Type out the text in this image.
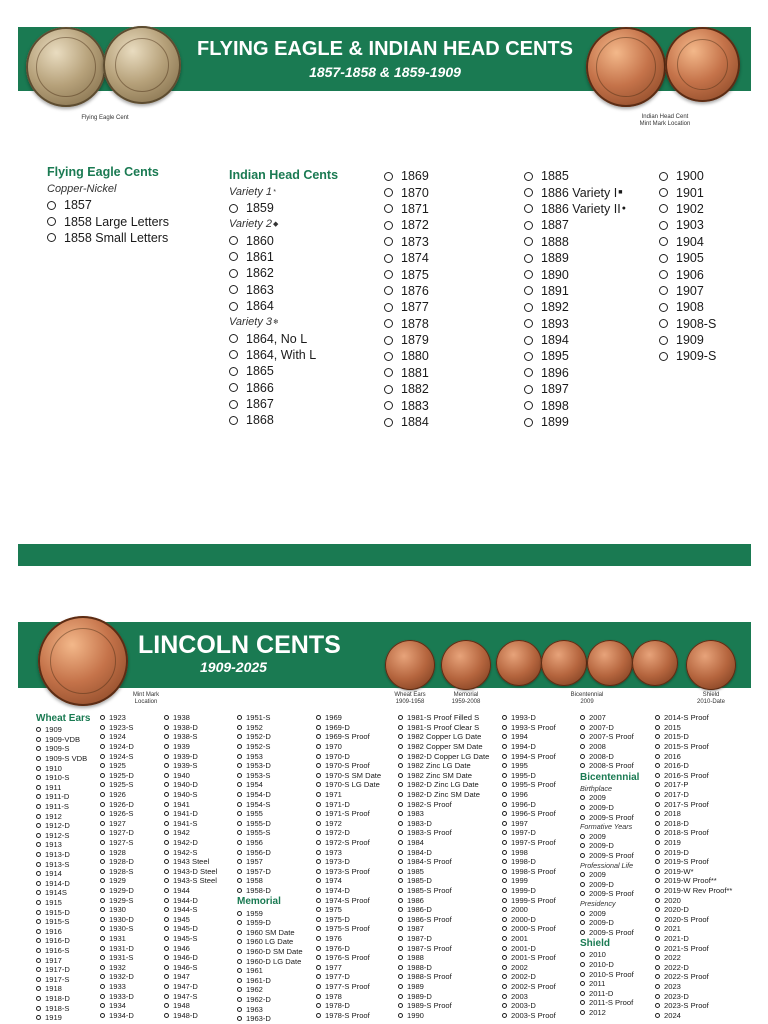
FLYING EAGLE & INDIAN HEAD CENTS
1857-1858 & 1859-1909
Flying Eagle Cent	Indian Head Cent
Mint Mark Location
Flying Eagle Cents
Copper-Nickel
1857
1858 Large Letters
1858 Small Letters
Indian Head Cents
Variety 1 *
1859
Variety 2 ◆
1860
1861
1862
1863
1864
Variety 3 ❄
1864, No L
1864, With L
1865
1866
1867
1868
1869
1870
1871
1872
1873
1874
1875
1876
1877
1878
1879
1880
1881
1882
1883
1884
1885
1886 Variety I ■
1886 Variety II ●
1887
1888
1889
1890
1891
1892
1893
1894
1895
1896
1897
1898
1899
1900
1901
1902
1903
1904
1905
1906
1907
1908
1908-S
1909
1909-S
LINCOLN CENTS
1909-2025
Mint Mark
Location
Wheat Ears
1909-1958
Memorial
1959-2008
Bicentennial
2009
Shield
2010-Date
Wheat Ears
1909
1909-VDB
1909-S
1909-S VDB
1910
1910-S
1911
1911-D
1911-S
1912
1912-D
1912-S
1913
1913-D
1913-S
1914
1914-D
1914S
1915
1915-D
1915-S
1916
1916-D
1916-S
1917
1917-D
1917-S
1918
1918-D
1918-S
1919
1923
1923-S
1924
1924-D
1924-S
1925
1925-D
1925-S
1926
1926-D
1926-S
1927
1927-D
1927-S
1928
1928-D
1928-S
1929
1929-D
1929-S
1930
1930-D
1930-S
1931
1931-D
1931-S
1932
1932-D
1933
1933-D
1934
1934-D
1938
1938-D
1938-S
1939
1939-D
1939-S
1940
1940-D
1940-S
1941
1941-D
1941-S
1942
1942-D
1942-S
1943 Steel
1943-D Steel
1943-S Steel
1944
1944-D
1944-S
1945
1945-D
1945-S
1946
1946-D
1946-S
1947
1947-D
1947-S
1948
1948-D
1951-S
1952
1952-D
1952-S
1953
1953-D
1953-S
1954
1954-D
1954-S
1955
1955-D
1955-S
1956
1956-D
1957
1957-D
1958
1958-D
Memorial
1959
1959-D
1960 SM Date
1960 LG Date
1960-D SM Date
1960-D LG Date
1961
1961-D
1962
1962-D
1963
1963-D
1969
1969-D
1969-S Proof
1970
1970-D
1970-S Proof
1970-S SM Date
1970-S LG Date
1971
1971-D
1971-S Proof
1972
1972-D
1972-S Proof
1973
1973-D
1973-S Proof
1974
1974-D
1974-S Proof
1975
1975-D
1975-S Proof
1976
1976-D
1976-S Proof
1977
1977-D
1977-S Proof
1978
1978-D
1978-S Proof
1981-S Proof Filled S
1981-S Proof Clear S
1982 Copper LG Date
1982 Copper SM Date
1982-D Copper LG Date
1982 Zinc LG Date
1982 Zinc SM Date
1982-D Zinc LG Date
1982-D Zinc SM Date
1982-S Proof
1983
1983-D
1983-S Proof
1984
1984-D
1984-S Proof
1985
1985-D
1985-S Proof
1986
1986-D
1986-S Proof
1987
1987-D
1987-S Proof
1988
1988-D
1988-S Proof
1989
1989-D
1989-S Proof
1990
1993-D
1993-S Proof
1994
1994-D
1994-S Proof
1995
1995-D
1995-S Proof
1996
1996-D
1996-S Proof
1997
1997-D
1997-S Proof
1998
1998-D
1998-S Proof
1999
1999-D
1999-S Proof
2000
2000-D
2000-S Proof
2001
2001-D
2001-S Proof
2002
2002-D
2002-S Proof
2003
2003-D
2003-S Proof
2007
2007-D
2007-S Proof
2008
2008-D
2008-S Proof
Bicentennial
Birthplace
2009
2009-D
2009-S Proof
Formative Years
2009
2009-D
2009-S Proof
Professional Life
2009
2009-D
2009-S Proof
Presidency
2009
2009-D
2009-S Proof
Shield
2010
2010-D
2010-S Proof
2011
2011-D
2011-S Proof
2012
2014-S Proof
2015
2015-D
2015-S Proof
2016
2016-D
2016-S Proof
2017-P
2017-D
2017-S Proof
2018
2018-D
2018-S Proof
2019
2019-D
2019-S Proof
2019-W*
2019-W Proof**
2019-W Rev Proof**
2020
2020-D
2020-S Proof
2021
2021-D
2021-S Proof
2022
2022-D
2022-S Proof
2023
2023-D
2023-S Proof
2024
